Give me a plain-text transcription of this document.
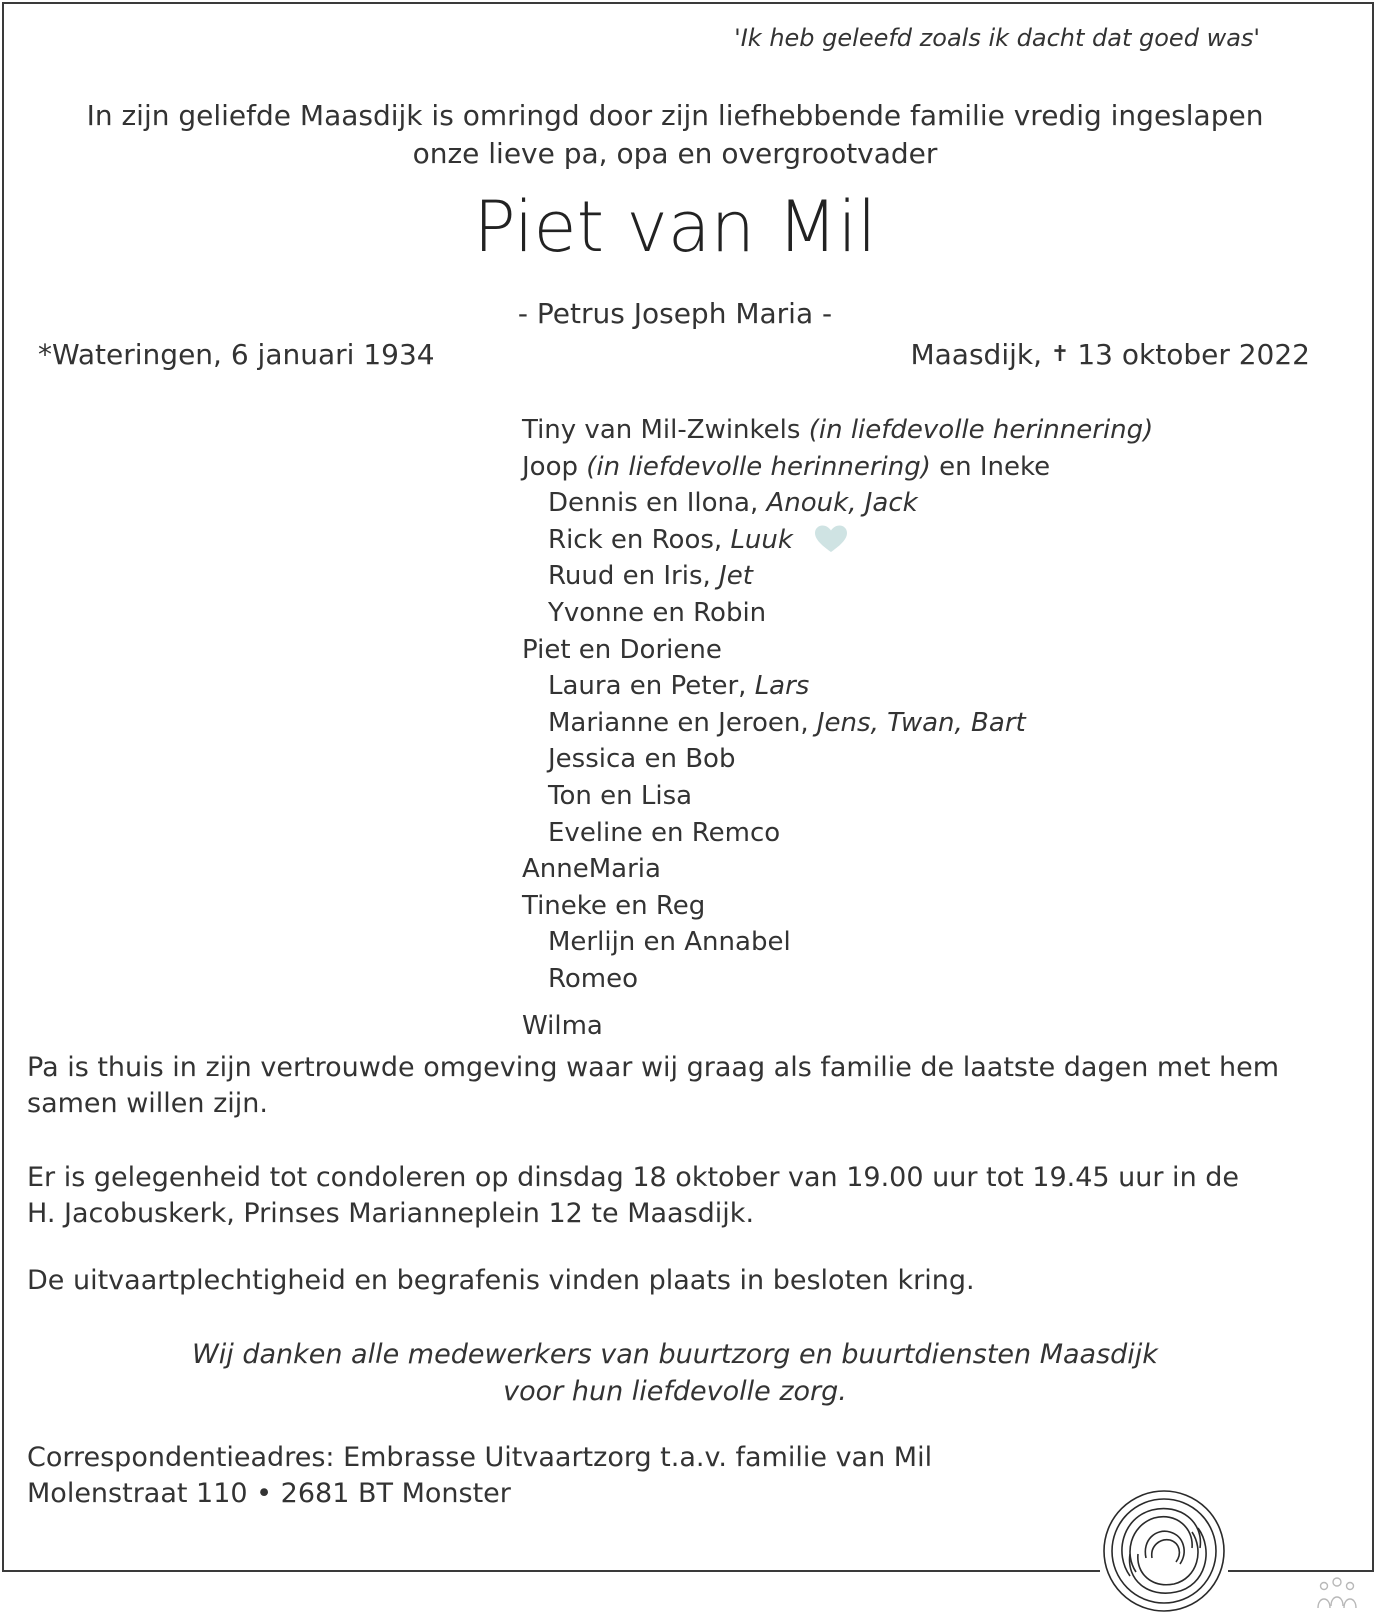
'Ik heb geleefd zoals ik dacht dat goed was'
In zijn geliefde Maasdijk is omringd door zijn liefhebbende familie vredig ingeslapen
onze lieve pa, opa en overgrootvader
Piet van Mil
- Petrus Joseph Maria -
*Wateringen, 6 januari 1934	Maasdijk, ✝ 13 oktober 2022
Tiny van Mil-Zwinkels (in liefdevolle herinnering)
Joop (in liefdevolle herinnering) en Ineke
Dennis en Ilona, Anouk, Jack
Rick en Roos, Luuk
Ruud en Iris, Jet
Yvonne en Robin
Piet en Doriene
Laura en Peter, Lars
Marianne en Jeroen, Jens, Twan, Bart
Jessica en Bob
Ton en Lisa
Eveline en Remco
AnneMaria
Tineke en Reg
Merlijn en Annabel
Romeo
Wilma
Pa is thuis in zijn vertrouwde omgeving waar wij graag als familie de laatste dagen met hem
samen willen zijn.
Er is gelegenheid tot condoleren op dinsdag 18 oktober van 19.00 uur tot 19.45 uur in de
H. Jacobuskerk, Prinses Marianneplein 12 te Maasdijk.
De uitvaartplechtigheid en begrafenis vinden plaats in besloten kring.
Wij danken alle medewerkers van buurtzorg en buurtdiensten Maasdijk
voor hun liefdevolle zorg.
Correspondentieadres: Embrasse Uitvaartzorg t.a.v. familie van Mil
Molenstraat 110 • 2681 BT Monster
